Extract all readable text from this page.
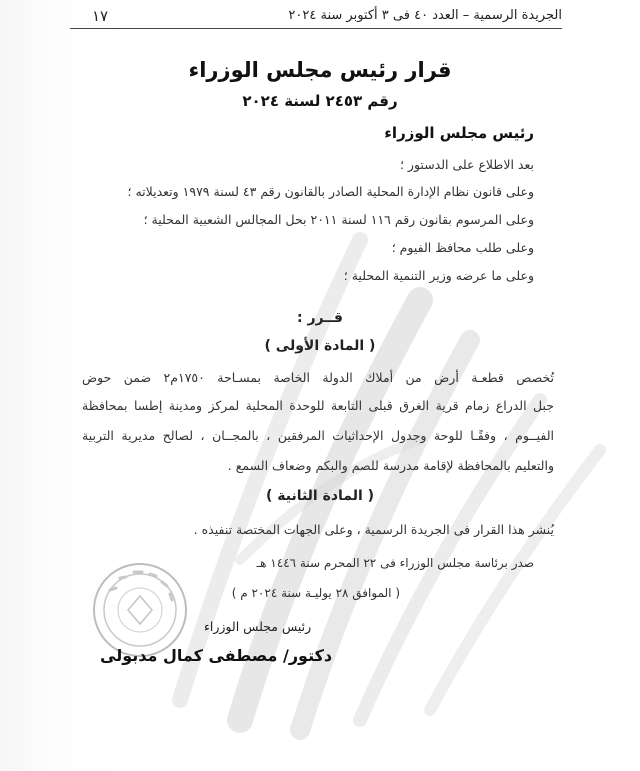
الجريدة الرسمية – العدد ٤٠ فى ٣ أكتوبر سنة ٢٠٢٤
١٧
قرار رئيس مجلس الوزراء
رقم ٢٤٥٣ لسنة ٢٠٢٤
رئيس مجلس الوزراء
بعد الاطلاع على الدستور ؛
وعلى قانون نظام الإدارة المحلية الصادر بالقانون رقم ٤٣ لسنة ١٩٧٩ وتعديلاته ؛
وعلى المرسوم بقانون رقم ١١٦ لسنة ٢٠١١ بحل المجالس الشعبية المحلية ؛
وعلى طلب محافظ الفيوم ؛
وعلى ما عرضه وزير التنمية المحلية ؛
قــرر :
( المادة الأولى )
تُخصص قطعـة أرض من أملاك الدولة الخاصة بمسـاحة ١٧٥٠م٢ ضمن حوض
جبل الدراع زمام قرية الغرق قبلى التابعة للوحدة المحلية لمركز ومدينة إطسا بمحافظة
الفيــوم ، وفقًـا للوحة وجدول الإحداثيات المرفقين ، بالمجــان ، لصالح مديرية التربية
والتعليم بالمحافظة لإقامة مدرسة للصم والبكم وضعاف السمع .
( المادة الثانية )
يُنشر هذا القرار فى الجريدة الرسمية ، وعلى الجهات المختصة تنفيذه .
صدر برئاسة مجلس الوزراء فى ٢٢ المحرم سنة ١٤٤٦ هـ
( الموافق ٢٨ يوليـة سنة ٢٠٢٤ م )
رئيس مجلس الوزراء
دكتور/ مصطفى كمال مدبولى
